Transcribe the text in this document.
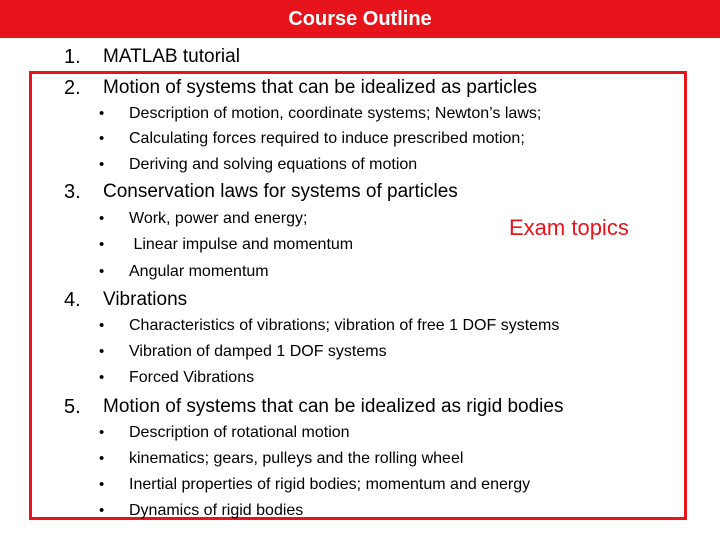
Course Outline
1. MATLAB tutorial
2. Motion of systems that can be idealized as particles
• Description of motion, coordinate systems; Newton’s laws;
• Calculating forces required to induce prescribed motion;
• Deriving and solving equations of motion
3. Conservation laws for systems of particles
• Work, power and energy;
• Linear impulse and momentum
• Angular momentum
Exam topics
4. Vibrations
• Characteristics of vibrations; vibration of free 1 DOF systems
• Vibration of damped 1 DOF systems
• Forced Vibrations
5. Motion of systems that can be idealized as rigid bodies
• Description of rotational motion
• kinematics; gears, pulleys and the rolling wheel
• Inertial properties of rigid bodies; momentum and energy
• Dynamics of rigid bodies
